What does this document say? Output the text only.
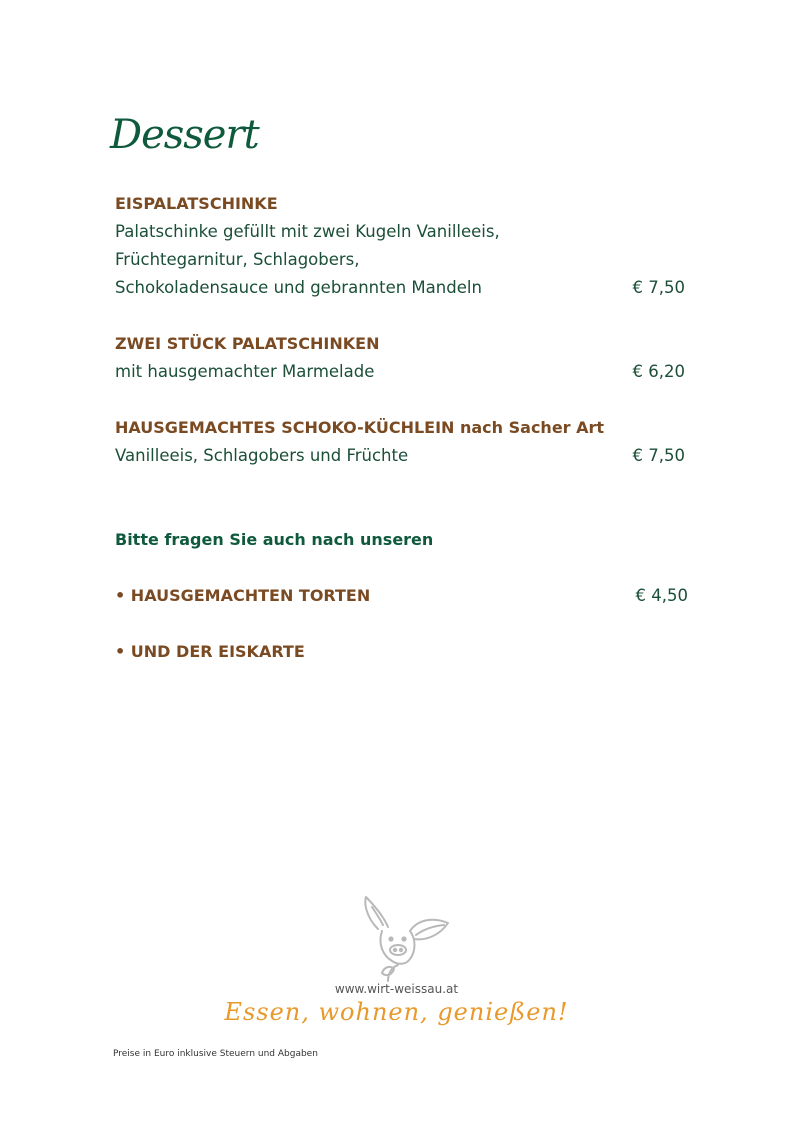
Dessert
EISPALATSCHINKE
Palatschinke gefüllt mit zwei Kugeln Vanilleeis,
Früchtegarnitur, Schlagobers,
Schokoladensauce und gebrannten Mandeln	€ 7,50
ZWEI STÜCK PALATSCHINKEN
mit hausgemachter Marmelade	€ 6,20
HAUSGEMACHTES SCHOKO-KÜCHLEIN nach Sacher Art
Vanilleeis, Schlagobers und Früchte	€ 7,50
Bitte fragen Sie auch nach unseren
• HAUSGEMACHTEN TORTEN	€ 4,50
• UND DER EISKARTE
www.wirt-weissau.at
Essen, wohnen, genießen!
Preise in Euro inklusive Steuern und Abgaben
